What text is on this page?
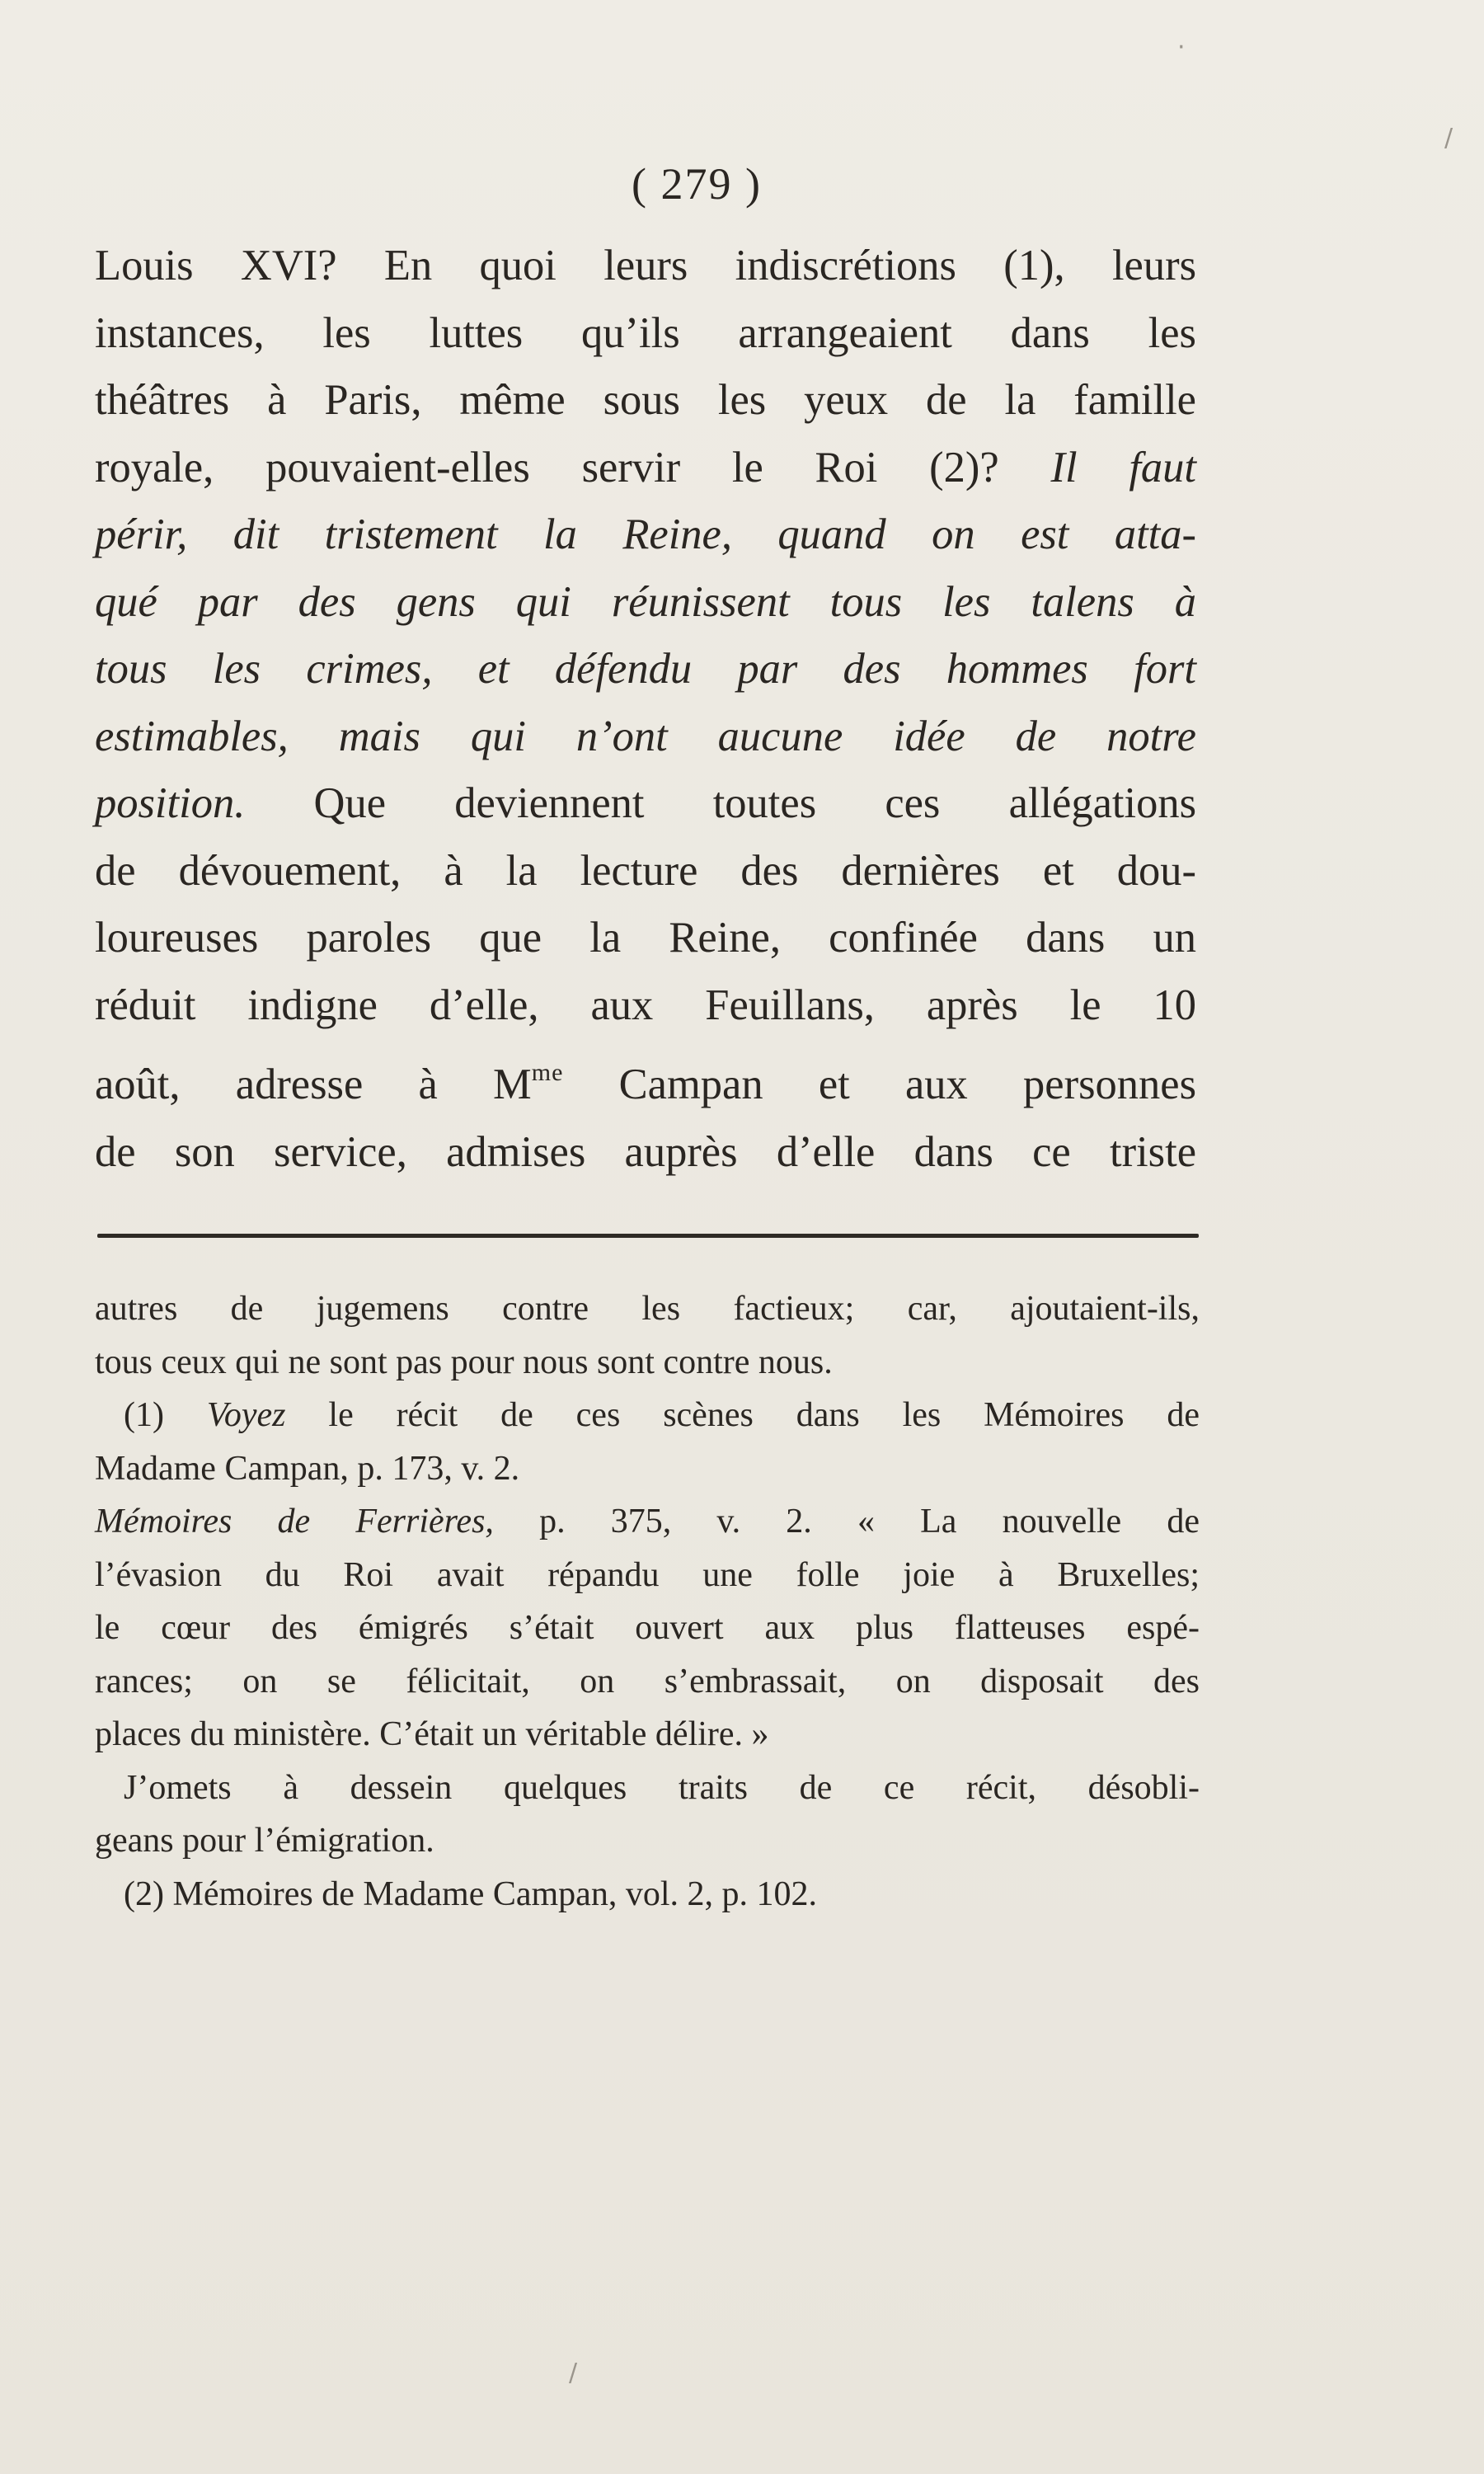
( 279 )
Louis XVI? En quoi leurs indiscrétions (1), leurs
instances, les luttes qu’ils arrangeaient dans les
théâtres à Paris, même sous les yeux de la famille
royale, pouvaient-elles servir le Roi (2)? Il faut
périr, dit tristement la Reine, quand on est atta-
qué par des gens qui réunissent tous les talens à
tous les crimes, et défendu par des hommes fort
estimables, mais qui n’ont aucune idée de notre
position. Que deviennent toutes ces allégations
de dévouement, à la lecture des dernières et dou-
loureuses paroles que la Reine, confinée dans un
réduit indigne d’elle, aux Feuillans, après le 10
août, adresse à $M^{me}$ Campan et aux personnes
de son service, admises auprès d’elle dans ce triste
autres de jugemens contre les factieux; car, ajoutaient-ils,
tous ceux qui ne sont pas pour nous sont contre nous.
(1) Voyez le récit de ces scènes dans les Mémoires de
Madame Campan, p. 173, v. 2.
Mémoires de Ferrières, p. 375, v. 2. « La nouvelle de
l’évasion du Roi avait répandu une folle joie à Bruxelles;
le cœur des émigrés s’était ouvert aux plus flatteuses espé-
rances; on se félicitait, on s’embrassait, on disposait des
places du ministère. C’était un véritable délire. »
J’omets à dessein quelques traits de ce récit, désobli-
geans pour l’émigration.
(2) Mémoires de Madame Campan, vol. 2, p. 102.
·
/
/
